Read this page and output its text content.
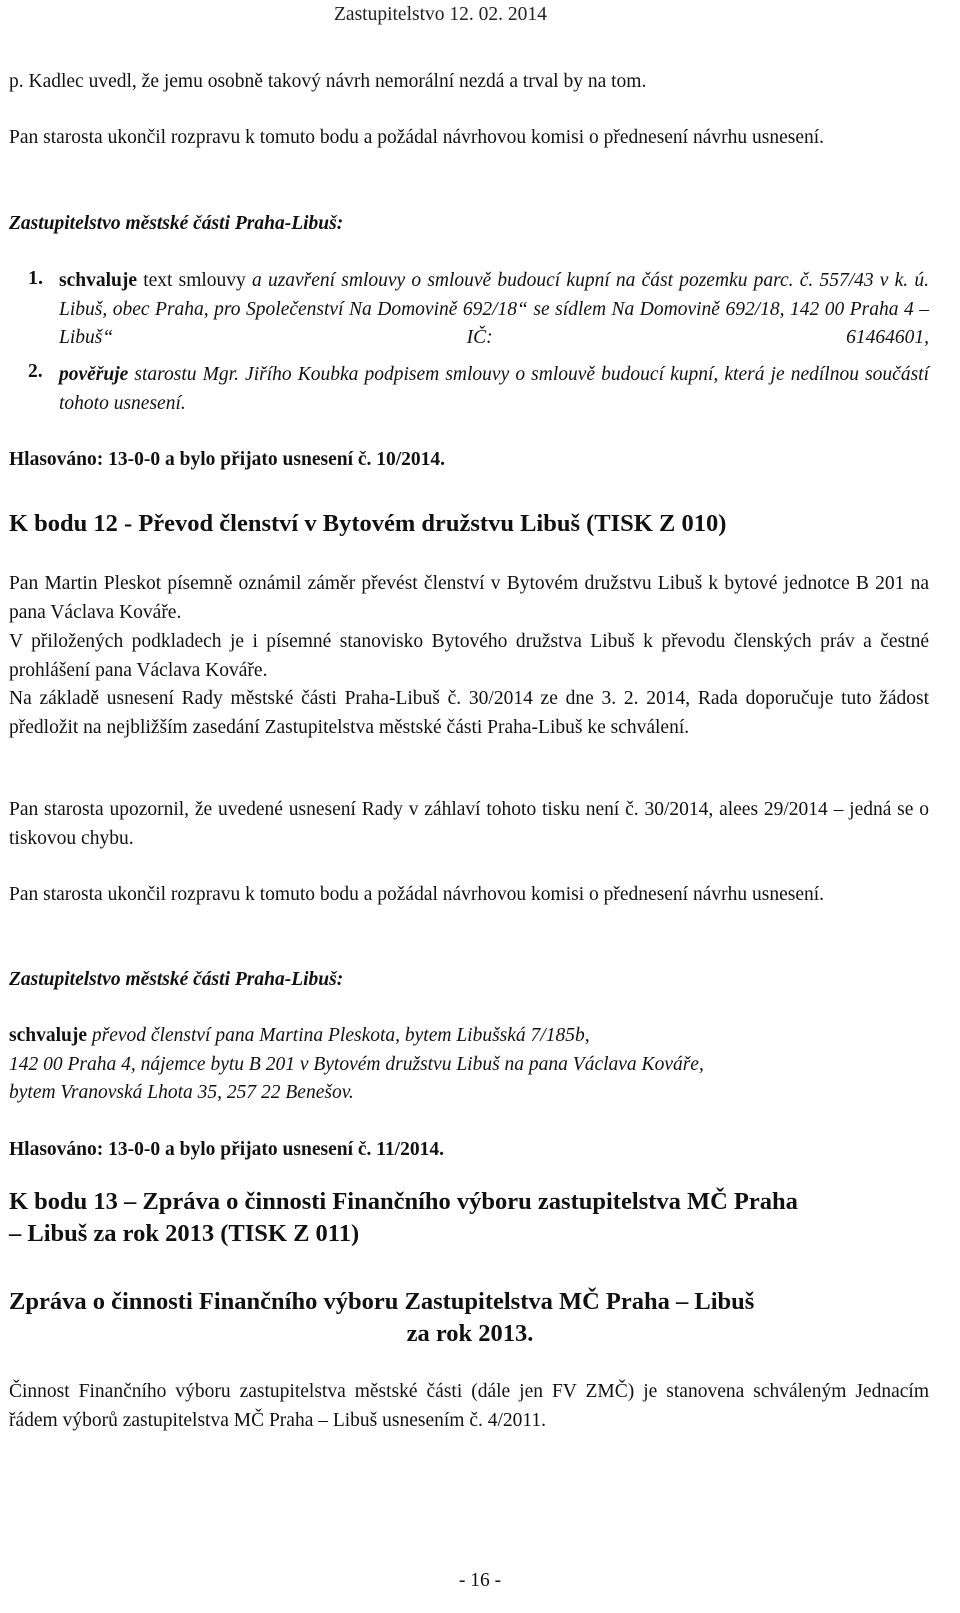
Zastupitelstvo 12. 02. 2014
p. Kadlec uvedl, že jemu osobně takový návrh nemorální nezdá a trval by na tom.
Pan starosta ukončil rozpravu k tomuto bodu a požádal návrhovou komisi o přednesení návrhu usnesení.
Zastupitelstvo městské části Praha-Libuš:
1. schvaluje text smlouvy a uzavření smlouvy o smlouvě budoucí kupní na část pozemku parc. č. 557/43 v k. ú. Libuš, obec Praha, pro Společenství Na Domovině 692/18“ se sídlem Na Domovině 692/18, 142 00 Praha 4 – Libuš“ IČ: 61464601,
2. pověřuje starostu Mgr. Jiřího Koubka podpisem smlouvy o smlouvě budoucí kupní, která je nedílnou součástí tohoto usnesení.
Hlasováno: 13-0-0 a bylo přijato usnesení č. 10/2014.
K bodu 12 - Převod členství v Bytovém družstvu Libuš (TISK Z 010)
Pan Martin Pleskot písemně oznámil záměr převést členství v Bytovém družstvu Libuš k bytové jednotce B 201 na pana Václava Kováře.
V přiložených podkladech je i písemné stanovisko Bytového družstva Libuš k převodu členských práv a čestné prohlášení pana Václava Kováře.
Na základě usnesení Rady městské části Praha-Libuš č. 30/2014 ze dne 3. 2. 2014, Rada doporučuje tuto žádost předložit na nejbližším zasedání Zastupitelstva městské části Praha-Libuš ke schválení.
Pan starosta upozornil, že uvedené usnesení Rady v záhlaví tohoto tisku není č. 30/2014, alees 29/2014 – jedná se o tiskovou chybu.
Pan starosta ukončil rozpravu k tomuto bodu a požádal návrhovou komisi o přednesení návrhu usnesení.
Zastupitelstvo městské části Praha-Libuš:
schvaluje převod členství pana Martina Pleskota, bytem Libušská 7/185b,
142 00 Praha 4, nájemce bytu B 201 v Bytovém družstvu Libuš na pana Václava Kováře,
bytem Vranovská Lhota 35, 257 22 Benešov.
Hlasováno: 13-0-0 a bylo přijato usnesení č. 11/2014.
K bodu 13 – Zpráva o činnosti Finančního výboru zastupitelstva MČ Praha
– Libuš za rok 2013 (TISK Z 011)
Zpráva o činnosti Finančního výboru Zastupitelstva MČ Praha – Libuš
za rok 2013.
Činnost Finančního výboru zastupitelstva městské části (dále jen FV ZMČ) je stanovena schváleným Jednacím řádem výborů zastupitelstva MČ Praha – Libuš usnesením č. 4/2011.
- 16 -
